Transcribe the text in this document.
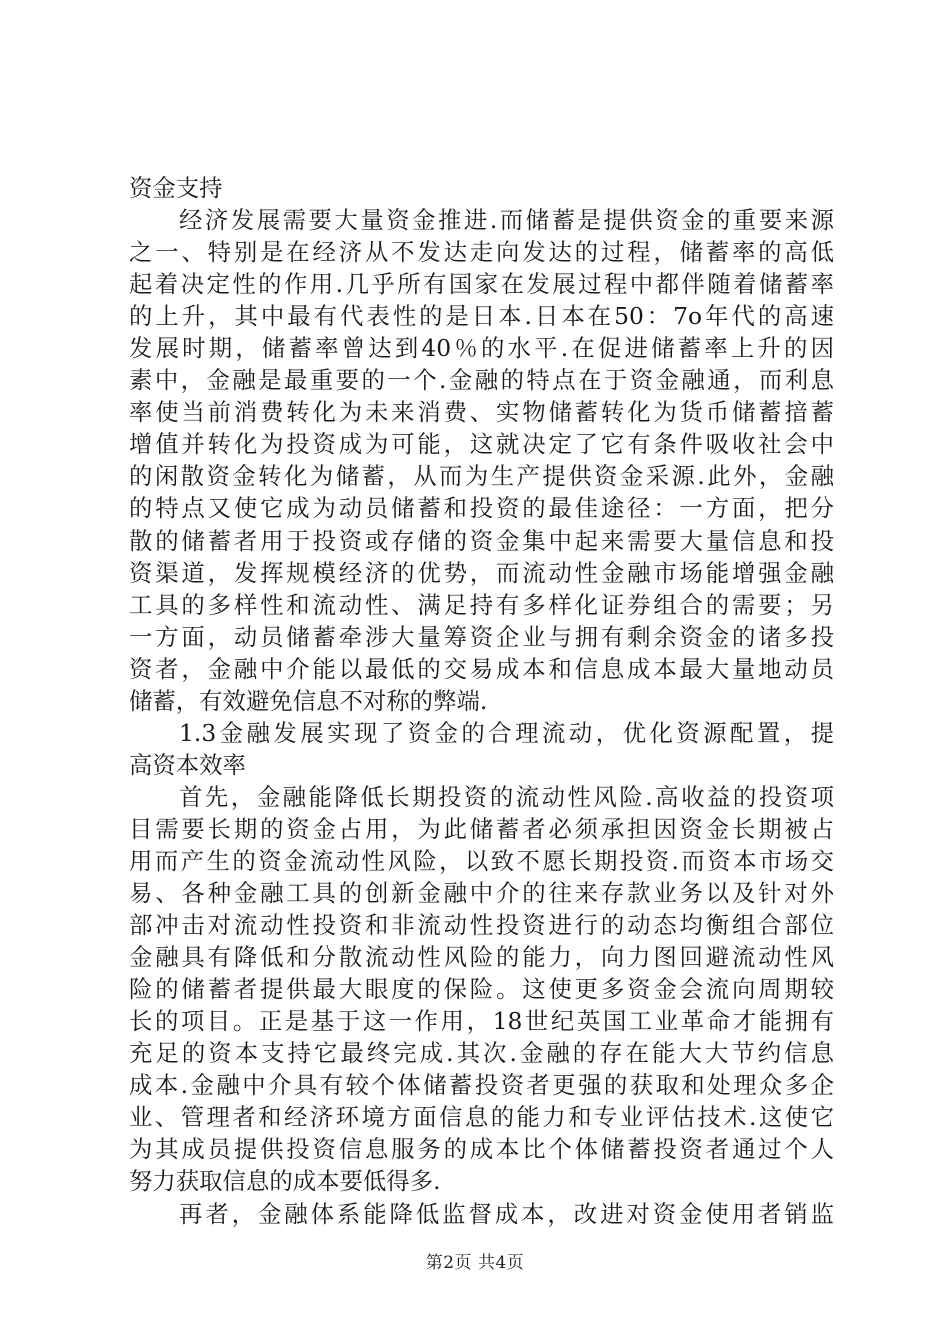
资金支持
经济发展需要大量资金推进.而储蓄是提供资金的重要来源
之一、特别是在经济从不发达走向发达的过程，储蓄率的高低
起着决定性的作用.几乎所有国家在发展过程中都伴随着储蓄率
的上升，其中最有代表性的是日本.日本在50：7o年代的高速
发展时期，储蓄率曾达到40％的水平.在促进储蓄率上升的因
素中，金融是最重要的一个.金融的特点在于资金融通，而利息
率使当前消费转化为未来消费、实物储蓄转化为货币储蓄揞蓄
增值并转化为投资成为可能，这就决定了它有条件吸收社会中
的闲散资金转化为储蓄，从而为生产提供资金采源.此外，金融
的特点又使它成为动员储蓄和投资的最佳途径：一方面，把分
散的储蓄者用于投资或存储的资金集中起来需要大量信息和投
资渠道，发挥规模经济的优势，而流动性金融市场能增强金融
工具的多样性和流动性、满足持有多样化证券组合的需要；另
一方面，动员储蓄牵涉大量筹资企业与拥有剩余资金的诸多投
资者，金融中介能以最低的交易成本和信息成本最大量地动员
储蓄，有效避免信息不对称的弊端.
1.3金融发展实现了资金的合理流动，优化资源配置，提
高资本效率
首先，金融能降低长期投资的流动性风险.高收益的投资项
目需要长期的资金占用，为此储蓄者必须承担因资金长期被占
用而产生的资金流动性风险，以致不愿长期投资.而资本市场交
易、各种金融工具的创新金融中介的往来存款业务以及针对外
部冲击对流动性投资和非流动性投资进行的动态均衡组合部位
金融具有降低和分散流动性风险的能力，向力图回避流动性风
险的储蓄者提供最大眼度的保险。这使更多资金会流向周期较
长的项目。正是基于这一作用，18世纪英国工业革命才能拥有
充足的资本支持它最终完成.其次.金融的存在能大大节约信息
成本.金融中介具有较个体储蓄投资者更强的获取和处理众多企
业、管理者和经济环境方面信息的能力和专业评估技术.这使它
为其成员提供投资信息服务的成本比个体储蓄投资者通过个人
努力获取信息的成本要低得多.
再者，金融体系能降低监督成本，改进对资金使用者销监
第2页 共4页
